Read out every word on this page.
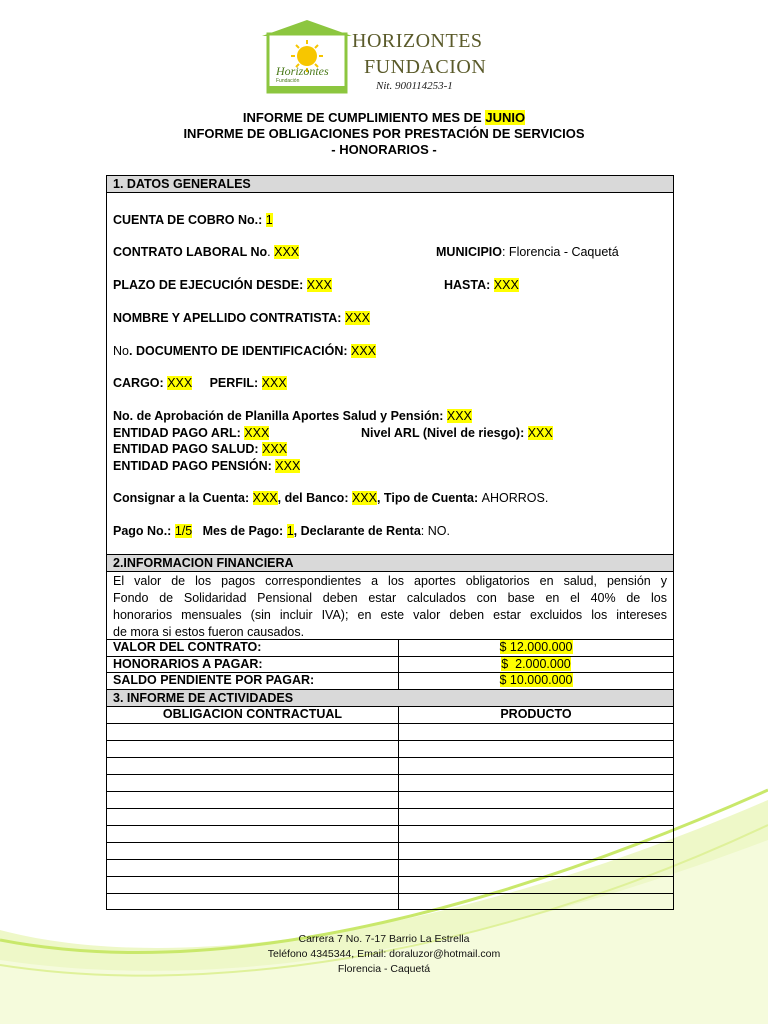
Horizontes
Fundación
HORIZONTES
FUNDACION
Nit. 900114253-1
INFORME DE CUMPLIMIENTO MES DE JUNIO
INFORME DE OBLIGACIONES POR PRESTACIÓN DE SERVICIOS
- HONORARIOS -
1. DATOS GENERALES
CUENTA DE COBRO No.: 1
CONTRATO LABORAL No. XXX	MUNICIPIO: Florencia - Caquetá
PLAZO DE EJECUCIÓN DESDE: XXX	HASTA: XXX
NOMBRE Y APELLIDO CONTRATISTA: XXX
No. DOCUMENTO DE IDENTIFICACIÓN: XXX
CARGO: XXX PERFIL: XXX
No. de Aprobación de Planilla Aportes Salud y Pensión: XXX
ENTIDAD PAGO ARL: XXX	Nivel ARL (Nivel de riesgo): XXX
ENTIDAD PAGO SALUD: XXX
ENTIDAD PAGO PENSIÓN: XXX
Consignar a la Cuenta: XXX, del Banco: XXX, Tipo de Cuenta: AHORROS.
Pago No.: 1/5 Mes de Pago: 1, Declarante de Renta: NO.
2.INFORMACION FINANCIERA
El valor de los pagos correspondientes a los aportes obligatorios en salud, pensión y
Fondo de Solidaridad Pensional deben estar calculados con base en el 40% de los
honorarios mensuales (sin incluir IVA); en este valor deben estar excluidos los intereses
de mora si estos fueron causados.
VALOR DEL CONTRATO:	$ 12.000.000
HONORARIOS A PAGAR:	$  2.000.000
SALDO PENDIENTE POR PAGAR:	$ 10.000.000
3. INFORME DE ACTIVIDADES
OBLIGACION CONTRACTUAL	PRODUCTO
Carrera 7 No. 7-17 Barrio La Estrella
Teléfono 4345344, Email: doraluzor@hotmail.com
Florencia - Caquetá
